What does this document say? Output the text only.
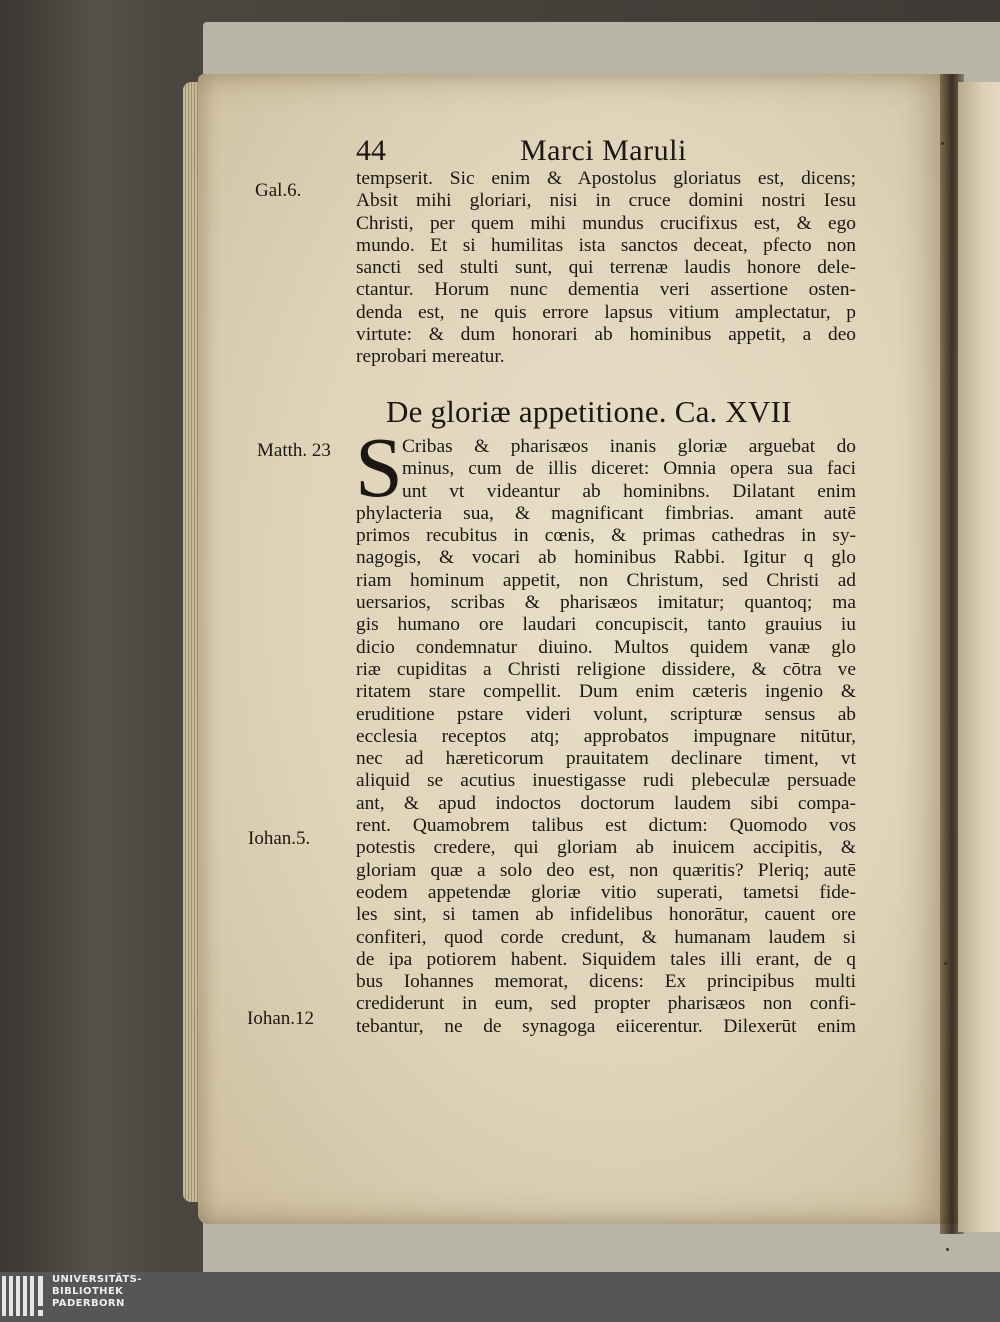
44	Marci Maruli
Gal.6.
Matth. 23
Iohan.5.
Iohan.12
tempserit. Sic enim & Apostolus gloriatus est, dicens;
Absit mihi gloriari, nisi in cruce domini nostri Iesu
Christi, per quem mihi mundus crucifixus est, & ego
mundo. Et si humilitas ista sanctos deceat, pfecto non
sancti sed stulti sunt, qui terrenæ laudis honore dele-
ctantur. Horum nunc dementia veri assertione osten-
denda est, ne quis errore lapsus vitium amplectatur, p
virtute: & dum honorari ab hominibus appetit, a deo
reprobari mereatur.
De gloriæ appetitione. Ca. XVII
S Cribas & pharisæos inanis gloriæ arguebat do
minus, cum de illis diceret: Omnia opera sua faci
unt vt videantur ab hominibns. Dilatant enim
phylacteria sua, & magnificant fimbrias. amant autē
primos recubitus in cœnis, & primas cathedras in sy-
nagogis, & vocari ab hominibus Rabbi. Igitur q glo
riam hominum appetit, non Christum, sed Christi ad
uersarios, scribas & pharisæos imitatur; quantoq; ma
gis humano ore laudari concupiscit, tanto grauius iu
dicio condemnatur diuino. Multos quidem vanæ glo
riæ cupiditas a Christi religione dissidere, & cōtra ve
ritatem stare compellit. Dum enim cæteris ingenio &
eruditione pstare videri volunt, scripturæ sensus ab
ecclesia receptos atq; approbatos impugnare nitūtur,
nec ad hæreticorum prauitatem declinare timent, vt
aliquid se acutius inuestigasse rudi plebeculæ persuade
ant, & apud indoctos doctorum laudem sibi compa-
rent. Quamobrem talibus est dictum: Quomodo vos
potestis credere, qui gloriam ab inuicem accipitis, &
gloriam quæ a solo deo est, non quæritis? Pleriq; autē
eodem appetendæ gloriæ vitio superati, tametsi fide-
les sint, si tamen ab infidelibus honorātur, cauent ore
confiteri, quod corde credunt, & humanam laudem si
de ipa potiorem habent. Siquidem tales illi erant, de q
bus Iohannes memorat, dicens: Ex principibus multi
crediderunt in eum, sed propter pharisæos non confi-
tebantur, ne de synagoga eiicerentur. Dilexerūt enim
UNIVERSITÄTS-
BIBLIOTHEK
PADERBORN
